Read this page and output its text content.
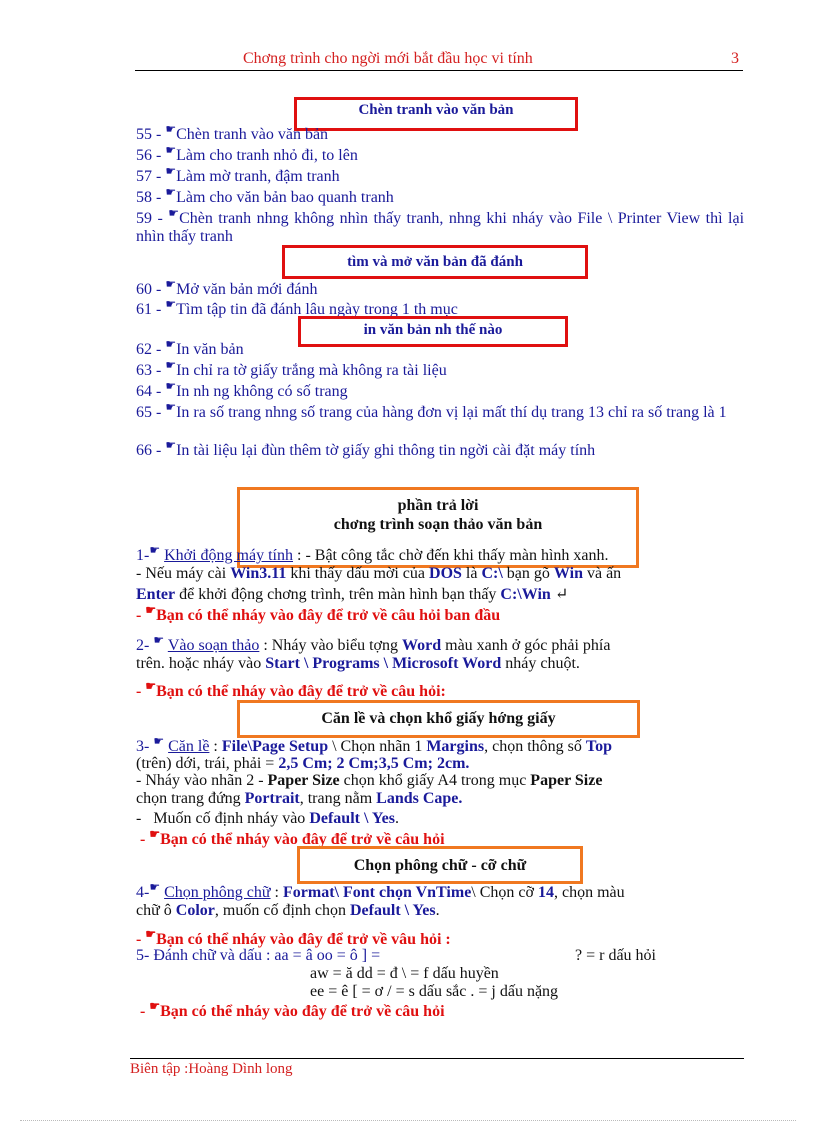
Chơng trình cho ngời mới bắt đầu học vi tính	3
Chèn tranh vào văn bản
55 - ☛Chèn tranh vào văn bản
56 - ☛Làm cho tranh nhỏ đi, to lên
57 - ☛Làm mờ tranh, đậm tranh
58 - ☛Làm cho văn bản bao quanh tranh
59 - ☛Chèn tranh nhng không nhìn thấy tranh, nhng khi nháy vào File \ Printer View thì lại nhìn thấy tranh
tìm và mở văn bản đã đánh
60 - ☛Mở văn bản mới đánh
61 - ☛Tìm tập tin đã đánh lâu ngày trong 1 th mục
in văn bản nh thế nào
62 - ☛In văn bản
63 - ☛In chỉ ra tờ giấy trắng mà không ra tài liệu
64 - ☛In nh ng không có số trang
65 - ☛In ra số trang nhng số trang của hàng đơn vị lại mất thí dụ trang 13 chỉ ra số trang là 1
66 - ☛In tài liệu lại đùn thêm tờ giấy ghi thông tin ngời cài đặt máy tính
phần trả lời
chơng trình soạn thảo văn bản
1-☛ Khởi động máy tính : - Bật công tắc chờ đến khi thấy màn hình xanh.
- Nếu máy cài Win3.11 khi thấy dấu mời của DOS là C:\ bạn gõ Win và ấn
Enter để khởi động chơng trình, trên màn hình bạn thấy C:\Win ↵
- ☛Bạn có thể nháy vào đây để trở về câu hỏi ban đầu
2- ☛ Vào soạn thảo : Nháy vào biểu tợng Word màu xanh ở góc phải phía
trên. hoặc nháy vào Start \ Programs \ Microsoft Word nháy chuột.
- ☛Bạn có thể nháy vào đây để trở về câu hỏi:
Căn lề và chọn khổ giấy hớng giấy
3- ☛ Căn lề : File\Page Setup \ Chọn nhãn 1 Margins, chọn thông số Top
(trên) dới, trái, phải = 2,5 Cm; 2 Cm;3,5 Cm; 2cm.
- Nháy vào nhãn 2 - Paper Size chọn khổ giấy A4 trong mục Paper Size
chọn trang đứng Portrait, trang nằm Lands Cape.
- Muốn cố định nháy vào Default \ Yes.
- ☛Bạn có thể nháy vào đây để trở về câu hỏi
Chọn phông chữ - cỡ chữ
4-☛ Chọn phông chữ : Format\ Font chọn VnTime\ Chọn cỡ 14, chọn màu
chữ ô Color, muốn cố định chọn Default \ Yes.
- ☛Bạn có thể nháy vào đây để trở về vâu hỏi :
5- Đánh chữ và dấu : aa = â oo = ô ] =	? = r dấu hỏi
aw = ă dd = đ \ = f dấu huyền
ee = ê [ = ơ / = s dấu sắc . = j dấu nặng
- ☛Bạn có thể nháy vào đây để trở về câu hỏi
Biên tập :Hoàng Dình long
